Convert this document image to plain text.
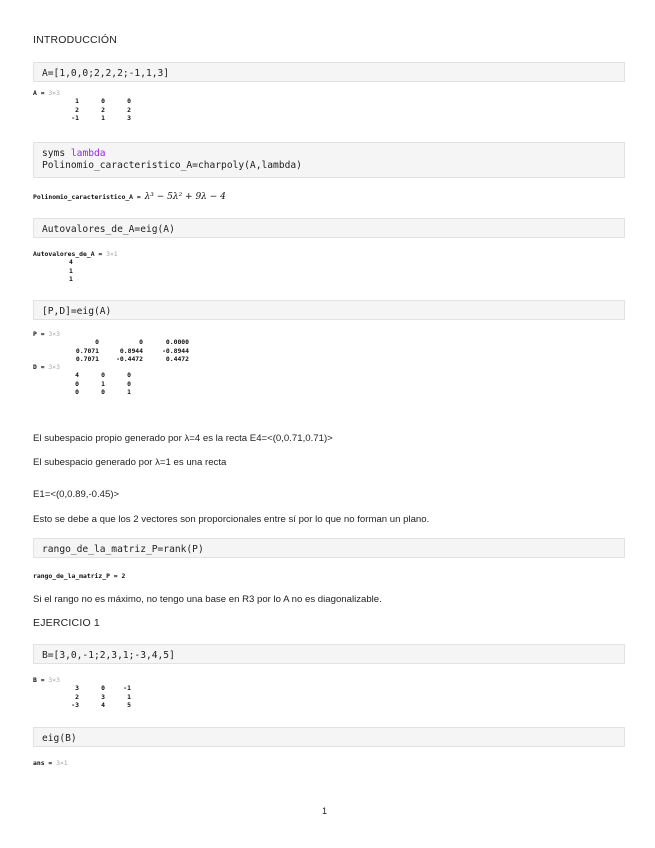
INTRODUCCIÓN
A=[1,0,0;2,2,2;-1,1,3]
A = 3×3
1	0	0
2	2	2
-1	1	3
syms lambda
Polinomio_caracteristico_A=charpoly(A,lambda)
Polinomio_caracteristico_A = λ³ − 5λ² + 9λ − 4
Autovalores_de_A=eig(A)
Autovalores_de_A = 3×1
4
1
1
[P,D]=eig(A)
P = 3×3
0	0	0.0000
0.7071	0.8944	-0.8944
0.7071	-0.4472	0.4472
D = 3×3
4	0	0
0	1	0
0	0	1
El subespacio propio generado por λ=4 es la recta E4=<(0,0.71,0.71)>
El subespacio generado por λ=1 es una recta
E1=<(0,0.89,-0.45)>
Esto se debe a que los 2 vectores son proporcionales entre sí por lo que no forman un plano.
rango_de_la_matriz_P=rank(P)
rango_de_la_matriz_P = 2
Si el rango no es máximo, no tengo una base en R3 por lo A no es diagonalizable.
EJERCICIO 1
B=[3,0,-1;2,3,1;-3,4,5]
B = 3×3
3	0	-1
2	3	1
-3	4	5
eig(B)
ans = 3×1
1
